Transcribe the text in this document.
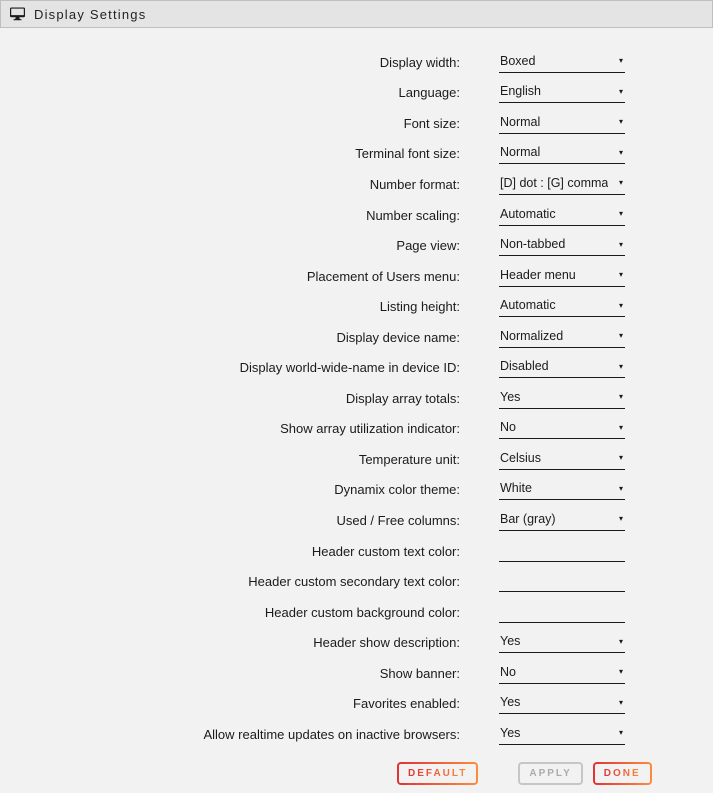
Display Settings
Display width:	Boxed	▾
Language:	English	▾
Font size:	Normal	▾
Terminal font size:	Normal	▾
Number format:	[D] dot : [G] comma ▾
Number scaling:	Automatic	▾
Page view:	Non-tabbed	▾
Placement of Users menu:	Header menu	▾
Listing height:	Automatic	▾
Display device name:	Normalized	▾
Display world-wide-name in device ID:	Disabled	▾
Display array totals:	Yes	▾
Show array utilization indicator:	No	▾
Temperature unit:	Celsius	▾
Dynamix color theme:	White	▾
Used / Free columns:	Bar (gray)	▾
Header custom text color:
Header custom secondary text color:
Header custom background color:
Header show description:	Yes	▾
Show banner:	No	▾
Favorites enabled:	Yes	▾
Allow realtime updates on inactive browsers:	Yes	▾
DEFAULT	APPLY	DONE
